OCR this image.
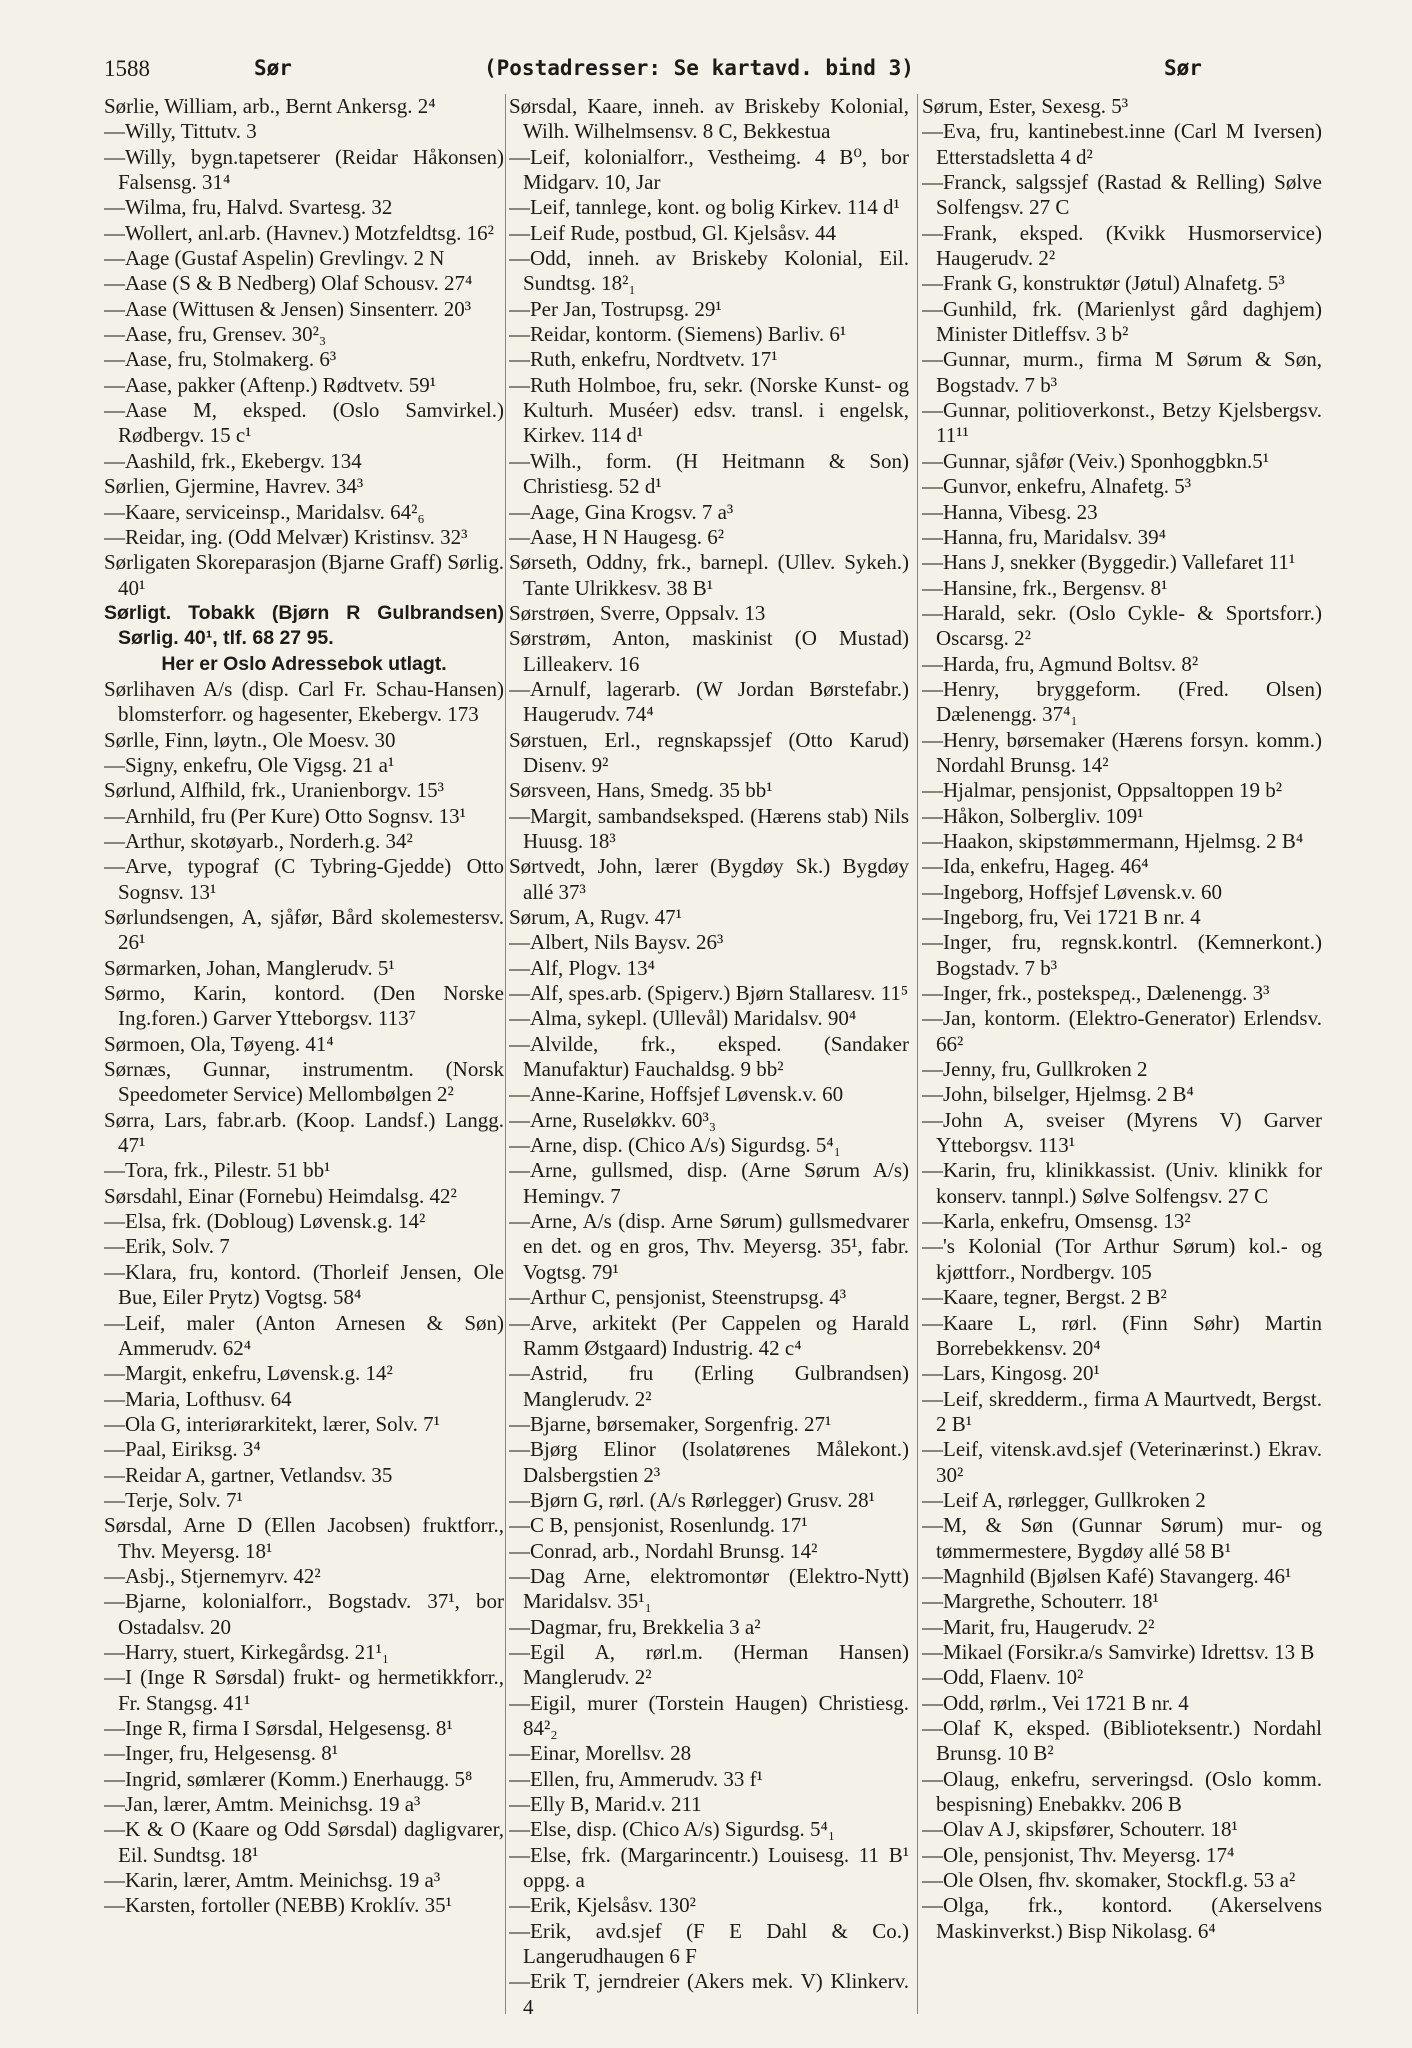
1588	Sør	(Postadresser: Se kartavd. bind 3)	Sør
Sørlie, William, arb., Bernt Ankersg. 2⁴
—Willy, Tittutv. 3
—Willy, bygn.tapetserer (Reidar Håkonsen) Falsensg. 31⁴
—Wilma, fru, Halvd. Svartesg. 32
—Wollert, anl.arb. (Havnev.) Motzfeldtsg. 16²
—Aage (Gustaf Aspelin) Grevlingv. 2 N
—Aase (S & B Nedberg) Olaf Schousv. 27⁴
—Aase (Wittusen & Jensen) Sinsenterr. 20³
—Aase, fru, Grensev. 30²₃
—Aase, fru, Stolmakerg. 6³
—Aase, pakker (Aftenp.) Rødtvetv. 59¹
—Aase M, eksped. (Oslo Samvirkel.) Rødbergv. 15 c¹
—Aashild, frk., Ekebergv. 134
Sørlien, Gjermine, Havrev. 34³
—Kaare, serviceinsp., Maridalsv. 64²₆
—Reidar, ing. (Odd Melvær) Kristinsv. 32³
Sørligaten Skoreparasjon (Bjarne Graff) Sørlig. 40¹
Sørligt. Tobakk (Bjørn R Gulbrandsen) Sørlig. 40¹, tlf. 68 27 95.
Her er Oslo Adressebok utlagt.
Sørlihaven A/s (disp. Carl Fr. Schau-Hansen) blomsterforr. og hagesenter, Ekebergv. 173
Sørlle, Finn, løytn., Ole Moesv. 30
—Signy, enkefru, Ole Vigsg. 21 a¹
Sørlund, Alfhild, frk., Uranienborgv. 15³
—Arnhild, fru (Per Kure) Otto Sognsv. 13¹
—Arthur, skotøyarb., Norderh.g. 34²
—Arve, typograf (C Tybring-Gjedde) Otto Sognsv. 13¹
Sørlundsengen, A, sjåfør, Bård skolemestersv. 26¹
Sørmarken, Johan, Manglerudv. 5¹
Sørmo, Karin, kontord. (Den Norske Ing.foren.) Garver Ytteborgsv. 113⁷
Sørmoen, Ola, Tøyeng. 41⁴
Sørnæs, Gunnar, instrumentm. (Norsk Speedometer Service) Mellombølgen 2²
Sørra, Lars, fabr.arb. (Koop. Landsf.) Langg. 47¹
—Tora, frk., Pilestr. 51 bb¹
Sørsdahl, Einar (Fornebu) Heimdalsg. 42²
—Elsa, frk. (Dobloug) Løvensk.g. 14²
—Erik, Solv. 7
—Klara, fru, kontord. (Thorleif Jensen, Ole Bue, Eiler Prytz) Vogtsg. 58⁴
—Leif, maler (Anton Arnesen & Søn) Ammerudv. 62⁴
—Margit, enkefru, Løvensk.g. 14²
—Maria, Lofthusv. 64
—Ola G, interiørarkitekt, lærer, Solv. 7¹
—Paal, Eiriksg. 3⁴
—Reidar A, gartner, Vetlandsv. 35
—Terje, Solv. 7¹
Sørsdal, Arne D (Ellen Jacobsen) fruktforr., Thv. Meyersg. 18¹
—Asbj., Stjernemyrv. 42²
—Bjarne, kolonialforr., Bogstadv. 37¹, bor Ostadalsv. 20
—Harry, stuert, Kirkegårdsg. 21¹₁
—I (Inge R Sørsdal) frukt- og hermetikkforr., Fr. Stangsg. 41¹
—Inge R, firma I Sørsdal, Helgesensg. 8¹
—Inger, fru, Helgesensg. 8¹
—Ingrid, sømlærer (Komm.) Enerhaugg. 5⁸
—Jan, lærer, Amtm. Meinichsg. 19 a³
—K & O (Kaare og Odd Sørsdal) dagligvarer, Eil. Sundtsg. 18¹
—Karin, lærer, Amtm. Meinichsg. 19 a³
—Karsten, fortoller (NEBB) Kroklív. 35¹
Sørsdal, Kaare, inneh. av Briskeby Kolonial, Wilh. Wilhelmsensv. 8 C, Bekkestua
—Leif, kolonialforr., Vestheimg. 4 B⁰, bor Midgarv. 10, Jar
—Leif, tannlege, kont. og bolig Kirkev. 114 d¹
—Leif Rude, postbud, Gl. Kjelsåsv. 44
—Odd, inneh. av Briskeby Kolonial, Eil. Sundtsg. 18²₁
—Per Jan, Tostrupsg. 29¹
—Reidar, kontorm. (Siemens) Barliv. 6¹
—Ruth, enkefru, Nordtvetv. 17¹
—Ruth Holmboe, fru, sekr. (Norske Kunst- og Kulturh. Muséer) edsv. transl. i engelsk, Kirkev. 114 d¹
—Wilh., form. (H Heitmann & Son) Christiesg. 52 d¹
—Aage, Gina Krogsv. 7 a³
—Aase, H N Haugesg. 6²
Sørseth, Oddny, frk., barnepl. (Ullev. Sykeh.) Tante Ulrikkesv. 38 B¹
Sørstrøen, Sverre, Oppsalv. 13
Sørstrøm, Anton, maskinist (O Mustad) Lilleakerv. 16
—Arnulf, lagerarb. (W Jordan Børstefabr.) Haugerudv. 74⁴
Sørstuen, Erl., regnskapssjef (Otto Karud) Disenv. 9²
Sørsveen, Hans, Smedg. 35 bb¹
—Margit, sambandseksped. (Hærens stab) Nils Huusg. 18³
Sørtvedt, John, lærer (Bygdøy Sk.) Bygdøy allé 37³
Sørum, A, Rugv. 47¹
—Albert, Nils Baysv. 26³
—Alf, Plogv. 13⁴
—Alf, spes.arb. (Spigerv.) Bjørn Stallaresv. 11⁵
—Alma, sykepl. (Ullevål) Maridalsv. 90⁴
—Alvilde, frk., eksped. (Sandaker Manufaktur) Fauchaldsg. 9 bb²
—Anne-Karine, Hoffsjef Løvensk.v. 60
—Arne, Ruseløkkv. 60³₃
—Arne, disp. (Chico A/s) Sigurdsg. 5⁴₁
—Arne, gullsmed, disp. (Arne Sørum A/s) Hemingv. 7
—Arne, A/s (disp. Arne Sørum) gullsmedvarer en det. og en gros, Thv. Meyersg. 35¹, fabr. Vogtsg. 79¹
—Arthur C, pensjonist, Steenstrupsg. 4³
—Arve, arkitekt (Per Cappelen og Harald Ramm Østgaard) Industrig. 42 c⁴
—Astrid, fru (Erling Gulbrandsen) Manglerudv. 2²
—Bjarne, børsemaker, Sorgenfrig. 27¹
—Bjørg Elinor (Isolatørenes Målekont.) Dalsbergstien 2³
—Bjørn G, rørl. (A/s Rørlegger) Grusv. 28¹
—C B, pensjonist, Rosenlundg. 17¹
—Conrad, arb., Nordahl Brunsg. 14²
—Dag Arne, elektromontør (Elektro-Nytt) Maridalsv. 35¹₁
—Dagmar, fru, Brekkelia 3 a²
—Egil A, rørl.m. (Herman Hansen) Manglerudv. 2²
—Eigil, murer (Torstein Haugen) Christiesg. 84²₂
—Einar, Morellsv. 28
—Ellen, fru, Ammerudv. 33 f¹
—Elly B, Marid.v. 211
—Else, disp. (Chico A/s) Sigurdsg. 5⁴₁
—Else, frk. (Margarincentr.) Louisesg. 11 B¹ oppg. a
—Erik, Kjelsåsv. 130²
—Erik, avd.sjef (F E Dahl & Co.) Langerudhaugen 6 F
—Erik T, jerndreier (Akers mek. V) Klinkerv. 4
Sørum, Ester, Sexesg. 5³
—Eva, fru, kantinebest.inne (Carl M Iversen) Etterstadsletta 4 d²
—Franck, salgssjef (Rastad & Relling) Sølve Solfengsv. 27 C
—Frank, eksped. (Kvikk Husmorservice) Haugerudv. 2²
—Frank G, konstruktør (Jøtul) Alnafetg. 5³
—Gunhild, frk. (Marienlyst gård daghjem) Minister Ditleffsv. 3 b²
—Gunnar, murm., firma M Sørum & Søn, Bogstadv. 7 b³
—Gunnar, politioverkonst., Betzy Kjelsbergsv. 11¹¹
—Gunnar, sjåfør (Veiv.) Sponhoggbkn.5¹
—Gunvor, enkefru, Alnafetg. 5³
—Hanna, Vibesg. 23
—Hanna, fru, Maridalsv. 39⁴
—Hans J, snekker (Byggedir.) Vallefaret 11¹
—Hansine, frk., Bergensv. 8¹
—Harald, sekr. (Oslo Cykle- & Sportsforr.) Oscarsg. 2²
—Harda, fru, Agmund Boltsv. 8²
—Henry, bryggeform. (Fred. Olsen) Dælenengg. 37⁴₁
—Henry, børsemaker (Hærens forsyn. komm.) Nordahl Brunsg. 14²
—Hjalmar, pensjonist, Oppsaltoppen 19 b²
—Håkon, Solbergliv. 109¹
—Haakon, skipstømmermann, Hjelmsg. 2 B⁴
—Ida, enkefru, Hageg. 46⁴
—Ingeborg, Hoffsjef Løvensk.v. 60
—Ingeborg, fru, Vei 1721 B nr. 4
—Inger, fru, regnsk.kontrl. (Kemnerkont.) Bogstadv. 7 b³
—Inger, frk., postekspeд., Dælenengg. 3³
—Jan, kontorm. (Elektro-Generator) Erlendsv. 66²
—Jenny, fru, Gullkroken 2
—John, bilselger, Hjelmsg. 2 B⁴
—John A, sveiser (Myrens V) Garver Ytteborgsv. 113¹
—Karin, fru, klinikkassist. (Univ. klinikk for konserv. tannpl.) Sølve Solfengsv. 27 C
—Karla, enkefru, Omsensg. 13²
—'s Kolonial (Tor Arthur Sørum) kol.- og kjøttforr., Nordbergv. 105
—Kaare, tegner, Bergst. 2 B²
—Kaare L, rørl. (Finn Søhr) Martin Borrebekkensv. 20⁴
—Lars, Kingosg. 20¹
—Leif, skredderm., firma A Maurtvedt, Bergst. 2 B¹
—Leif, vitensk.avd.sjef (Veterinærinst.) Ekrav. 30²
—Leif A, rørlegger, Gullkroken 2
—M, & Søn (Gunnar Sørum) mur- og tømmermestere, Bygdøy allé 58 B¹
—Magnhild (Bjølsen Kafé) Stavangerg. 46¹
—Margrethe, Schouterr. 18¹
—Marit, fru, Haugerudv. 2²
—Mikael (Forsikr.a/s Samvirke) Idrettsv. 13 B
—Odd, Flaenv. 10²
—Odd, rørlm., Vei 1721 B nr. 4
—Olaf K, eksped. (Biblioteksentr.) Nordahl Brunsg. 10 B²
—Olaug, enkefru, serveringsd. (Oslo komm. bespisning) Enebakkv. 206 B
—Olav A J, skipsfører, Schouterr. 18¹
—Ole, pensjonist, Thv. Meyersg. 17⁴
—Ole Olsen, fhv. skomaker, Stockfl.g. 53 a²
—Olga, frk., kontord. (Akerselvens Maskinverkst.) Bisp Nikolasg. 6⁴
